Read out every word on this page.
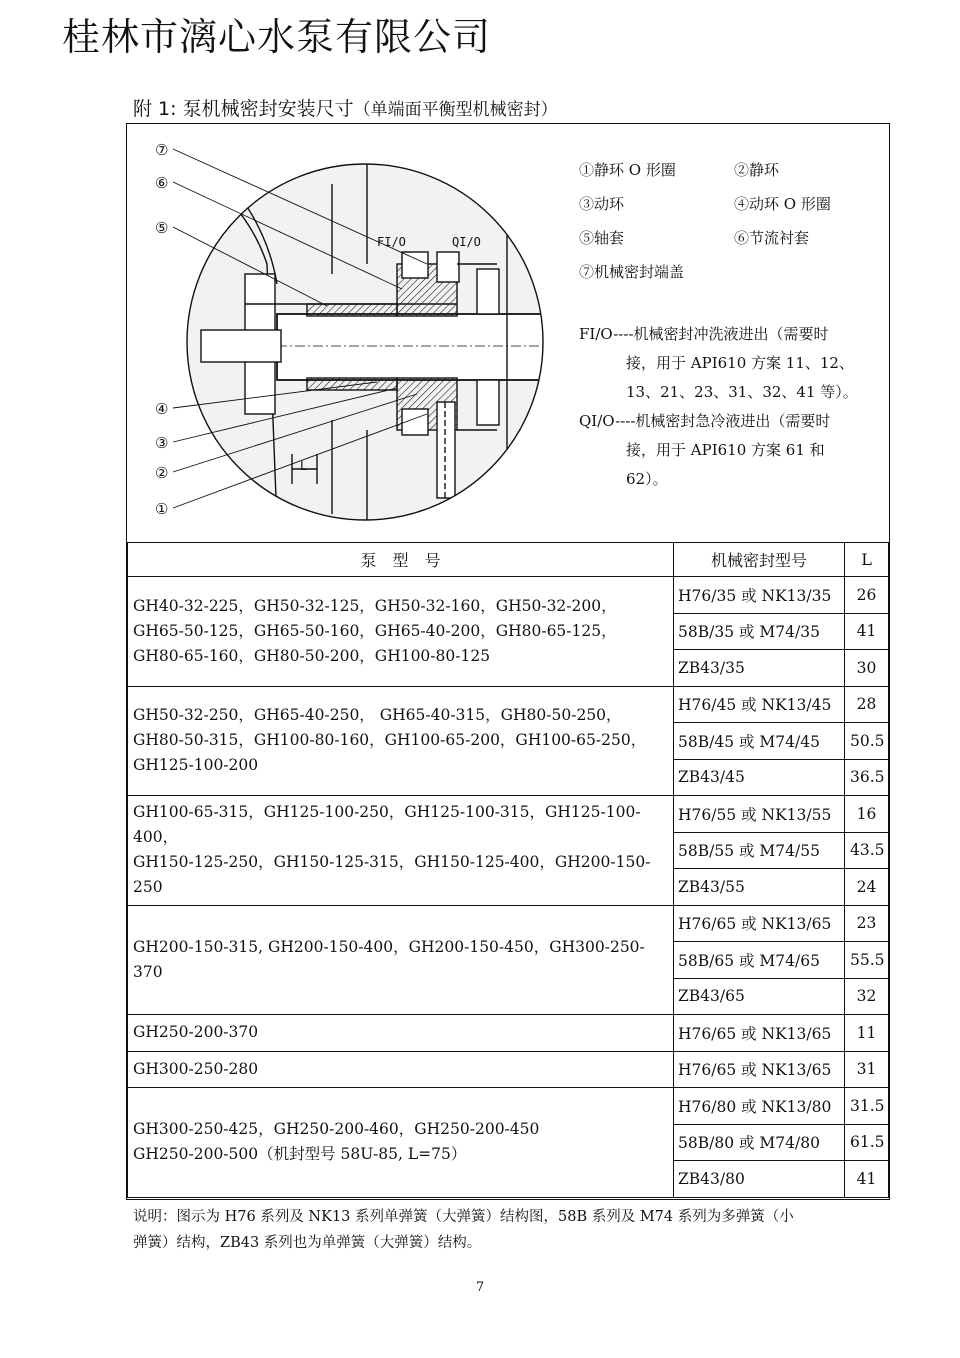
桂林市漓心水泵有限公司
附 1: 泵机械密封安装尺寸（单端面平衡型机械密封）
⑦
⑥
⑤
④
③
②
①
FI/O	QI/O
L
①静环 O 形圈	②静环
③动环	④动环 O 形圈
⑤轴套	⑥节流衬套
⑦机械密封端盖
FI/O----机械密封冲洗液进出（需要时
接，用于 API610 方案 11、12、
13、21、23、31、32、41 等）。
QI/O----机械密封急冷液进出（需要时
接，用于 API610 方案 61 和
62）。
泵　型　号	机械密封型号	L

GH40-32-225，GH50-32-125，GH50-32-160，GH50-32-200，
GH65-50-125，GH65-50-160，GH65-40-200，GH80-65-125，
GH80-65-160，GH80-50-200，GH100-80-125	H76/35 或 NK13/35	26
	58B/35 或 M74/35	41
	ZB43/35	30

GH50-32-250，GH65-40-250， GH65-40-315，GH80-50-250，
GH80-50-315，GH100-80-160，GH100-65-200，GH100-65-250，
GH125-100-200	H76/45 或 NK13/45	28
	58B/45 或 M74/45	50.5
	ZB43/45	36.5

GH100-65-315，GH125-100-250，GH125-100-315，GH125-100-400，
GH150-125-250，GH150-125-315，GH150-125-400，GH200-150-250	H76/55 或 NK13/55	16
	58B/55 或 M74/55	43.5
	ZB43/55	24

GH200-150-315, GH200-150-400，GH200-150-450，GH300-250-370	H76/65 或 NK13/65	23
	58B/65 或 M74/65	55.5
	ZB43/65	32

GH250-200-370	H76/65 或 NK13/65	11

GH300-250-280	H76/65 或 NK13/65	31

GH300-250-425，GH250-200-460，GH250-200-450
GH250-200-500（机封型号 58U-85, L=75）	H76/80 或 NK13/80	31.5
	58B/80 或 M74/80	61.5
	ZB43/80	41
说明：图示为 H76 系列及 NK13 系列单弹簧（大弹簧）结构图，58B 系列及 M74 系列为多弹簧（小
弹簧）结构，ZB43 系列也为单弹簧（大弹簧）结构。
7
